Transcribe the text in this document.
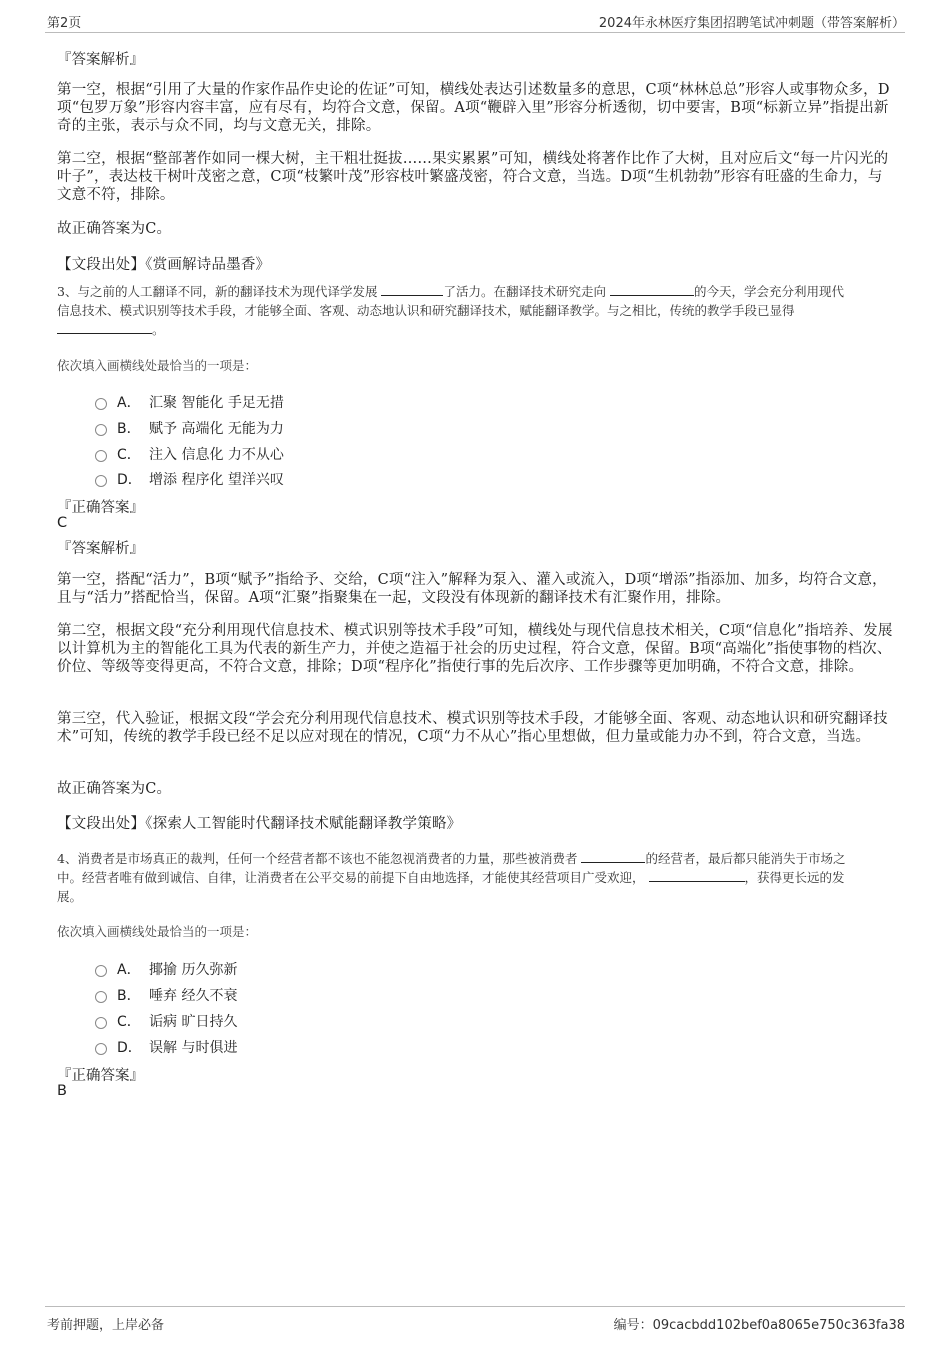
第2页	2024年永林医疗集团招聘笔试冲刺题（带答案解析）
『答案解析』
第一空，根据“引用了大量的作家作品作史论的佐证”可知，横线处表达引述数量多的意思，C项“林林总总”形容人或事物众多，D项“包罗万象”形容内容丰富，应有尽有，均符合文意，保留。A项“鞭辟入里”形容分析透彻，切中要害，B项“标新立异”指提出新奇的主张，表示与众不同，均与文意无关，排除。
第二空，根据“整部著作如同一棵大树，主干粗壮挺拔……果实累累”可知，横线处将著作比作了大树，且对应后文“每一片闪光的叶子”，表达枝干树叶茂密之意，C项“枝繁叶茂”形容枝叶繁盛茂密，符合文意，当选。D项“生机勃勃”形容有旺盛的生命力，与文意不符，排除。
故正确答案为C。
【文段出处】《赏画解诗品墨香》
3、与之前的人工翻译不同，新的翻译技术为现代译学发展	了活力。在翻译技术研究走向	的今天，学会充分利用现代
信息技术、模式识别等技术手段，才能够全面、客观、动态地认识和研究翻译技术，赋能翻译教学。与之相比，传统的教学手段已显得
。
依次填入画横线处最恰当的一项是：
A． 汇聚 智能化 手足无措
B． 赋予 高端化 无能为力
C． 注入 信息化 力不从心
D． 增添 程序化 望洋兴叹
『正确答案』
C
『答案解析』
第一空，搭配“活力”，B项“赋予”指给予、交给，C项“注入”解释为泵入、灌入或流入，D项“增添”指添加、加多，均符合文意，且与“活力”搭配恰当，保留。A项“汇聚”指聚集在一起，文段没有体现新的翻译技术有汇聚作用，排除。
第二空，根据文段“充分利用现代信息技术、模式识别等技术手段”可知，横线处与现代信息技术相关，C项“信息化”指培养、发展以计算机为主的智能化工具为代表的新生产力，并使之造福于社会的历史过程，符合文意，保留。B项“高端化”指使事物的档次、价位、等级等变得更高，不符合文意，排除；D项“程序化”指使行事的先后次序、工作步骤等更加明确，不符合文意，排除。
第三空，代入验证，根据文段“学会充分利用现代信息技术、模式识别等技术手段，才能够全面、客观、动态地认识和研究翻译技术”可知，传统的教学手段已经不足以应对现在的情况，C项“力不从心”指心里想做，但力量或能力办不到，符合文意，当选。
故正确答案为C。
【文段出处】《探索人工智能时代翻译技术赋能翻译教学策略》
4、消费者是市场真正的裁判，任何一个经营者都不该也不能忽视消费者的力量，那些被消费者	的经营者，最后都只能消失于市场之
中。经营者唯有做到诚信、自律，让消费者在公平交易的前提下自由地选择，才能使其经营项目广受欢迎，	，获得更长远的发
展。
依次填入画横线处最恰当的一项是：
A． 揶揄 历久弥新
B． 唾弃 经久不衰
C． 诟病 旷日持久
D． 误解 与时俱进
『正确答案』
B
考前押题，上岸必备	编号：09cacbdd102bef0a8065e750c363fa38
